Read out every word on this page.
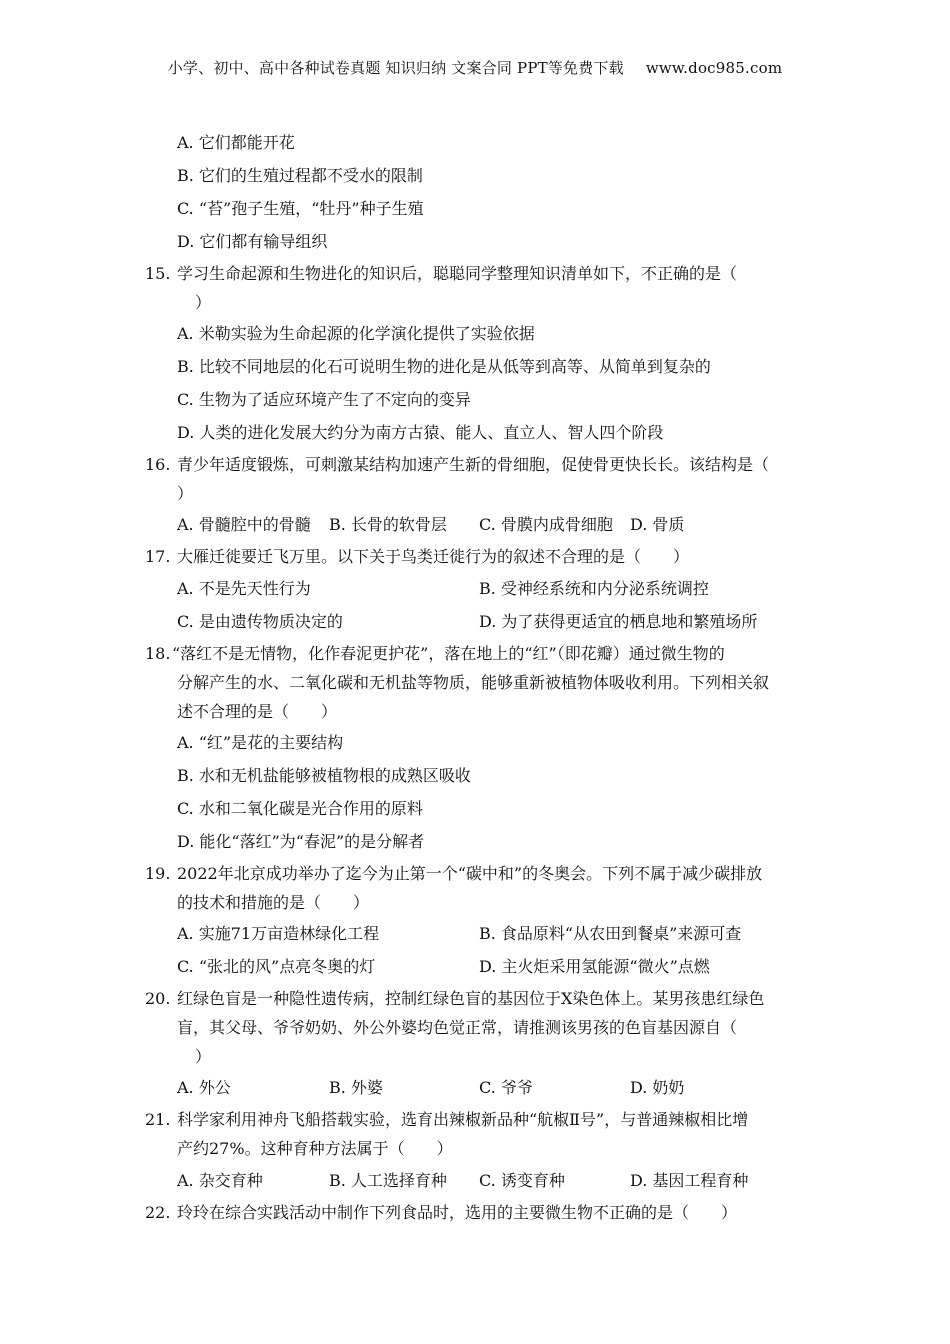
小学、初中、高中各种试卷真题 知识归纳 文案合同 PPT等免费下载 www.doc985.com
A. 它们都能开花
B. 它们的生殖过程都不受水的限制
C. “苔”孢子生殖，“牡丹”种子生殖
D. 它们都有输导组织
15. 学习生命起源和生物进化的知识后，聪聪同学整理知识清单如下，不正确的是（
）
A. 米勒实验为生命起源的化学演化提供了实验依据
B. 比较不同地层的化石可说明生物的进化是从低等到高等、从简单到复杂的
C. 生物为了适应环境产生了不定向的变异
D. 人类的进化发展大约分为南方古猿、能人、直立人、智人四个阶段
16. 青少年适度锻炼，可刺激某结构加速产生新的骨细胞，促使骨更快长长。该结构是（
）
A. 骨髓腔中的骨髓 B. 长骨的软骨层 C. 骨膜内成骨细胞 D. 骨质
17. 大雁迁徙要迁飞万里。以下关于鸟类迁徙行为的叙述不合理的是（　　）
A. 不是先天性行为	B. 受神经系统和内分泌系统调控
C. 是由遗传物质决定的	D. 为了获得更适宜的栖息地和繁殖场所
18. “落红不是无情物，化作春泥更护花”，落在地上的“红”（即花瓣）通过微生物的
分解产生的水、二氧化碳和无机盐等物质，能够重新被植物体吸收利用。下列相关叙
述不合理的是（　　）
A. “红”是花的主要结构
B. 水和无机盐能够被植物根的成熟区吸收
C. 水和二氧化碳是光合作用的原料
D. 能化“落红”为“春泥”的是分解者
19. 2022年北京成功举办了迄今为止第一个“碳中和”的冬奥会。下列不属于减少碳排放
的技术和措施的是（　　）
A. 实施71万亩造林绿化工程	B. 食品原料“从农田到餐桌”来源可查
C. “张北的风”点亮冬奥的灯	D. 主火炬采用氢能源“微火”点燃
20. 红绿色盲是一种隐性遗传病，控制红绿色盲的基因位于X染色体上。某男孩患红绿色
盲，其父母、爷爷奶奶、外公外婆均色觉正常，请推测该男孩的色盲基因源自（
）
A. 外公	B. 外婆	C. 爷爷	D. 奶奶
21. 科学家利用神舟飞船搭载实验，选育出辣椒新品种“航椒Ⅱ号”，与普通辣椒相比增
产约27%。这种育种方法属于（　　）
A. 杂交育种	B. 人工选择育种 C. 诱变育种	D. 基因工程育种
22. 玲玲在综合实践活动中制作下列食品时，选用的主要微生物不正确的是（　　）
